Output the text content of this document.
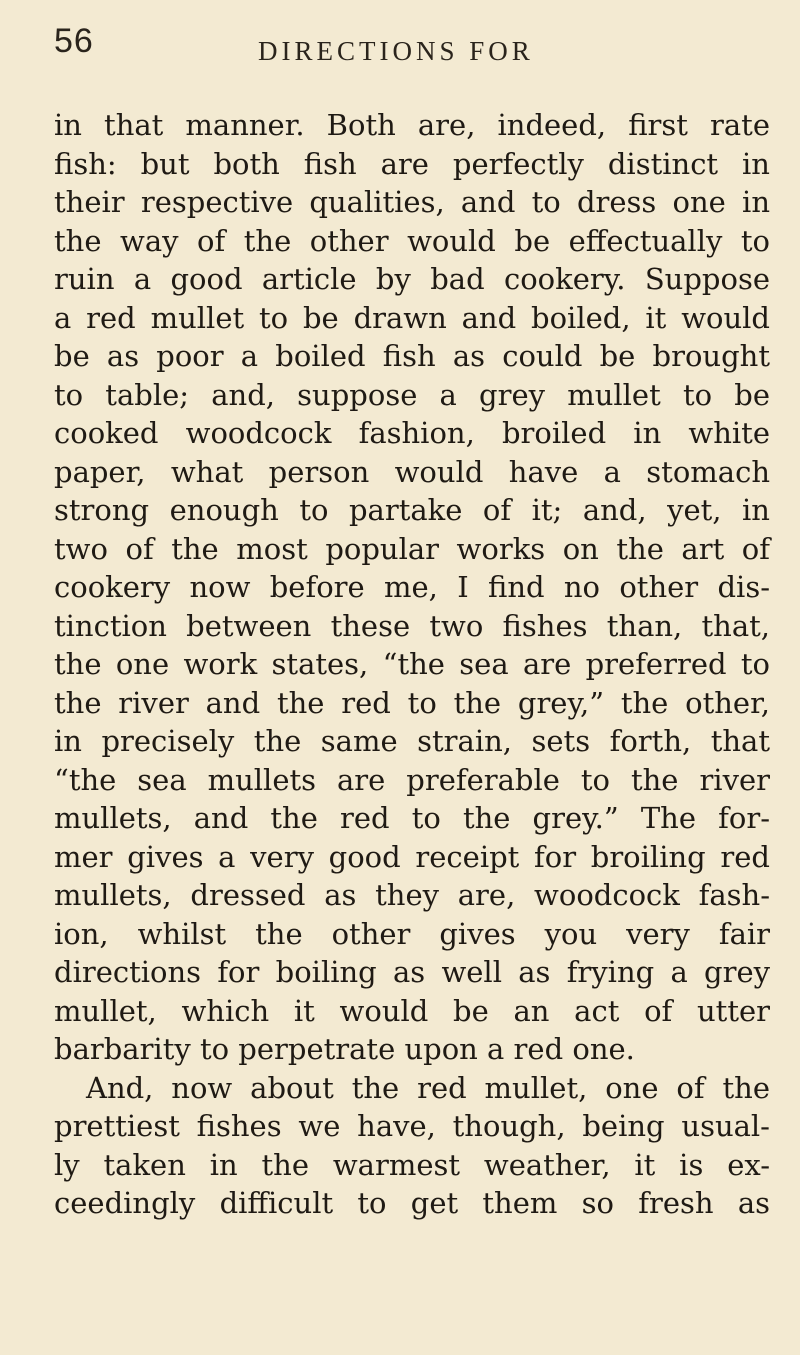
56	DIRECTIONS FOR
in that manner. Both are, indeed, first rate
fish: but both fish are perfectly distinct in
their respective qualities, and to dress one in
the way of the other would be effectually to
ruin a good article by bad cookery. Suppose
a red mullet to be drawn and boiled, it would
be as poor a boiled fish as could be brought
to table; and, suppose a grey mullet to be
cooked woodcock fashion, broiled in white
paper, what person would have a stomach
strong enough to partake of it; and, yet, in
two of the most popular works on the art of
cookery now before me, I find no other dis-
tinction between these two fishes than, that,
the one work states, “the sea are preferred to
the river and the red to the grey,” the other,
in precisely the same strain, sets forth, that
“the sea mullets are preferable to the river
mullets, and the red to the grey.” The for-
mer gives a very good receipt for broiling red
mullets, dressed as they are, woodcock fash-
ion, whilst the other gives you very fair
directions for boiling as well as frying a grey
mullet, which it would be an act of utter
barbarity to perpetrate upon a red one.
And, now about the red mullet, one of the
prettiest fishes we have, though, being usual-
ly taken in the warmest weather, it is ex-
ceedingly difficult to get them so fresh as
